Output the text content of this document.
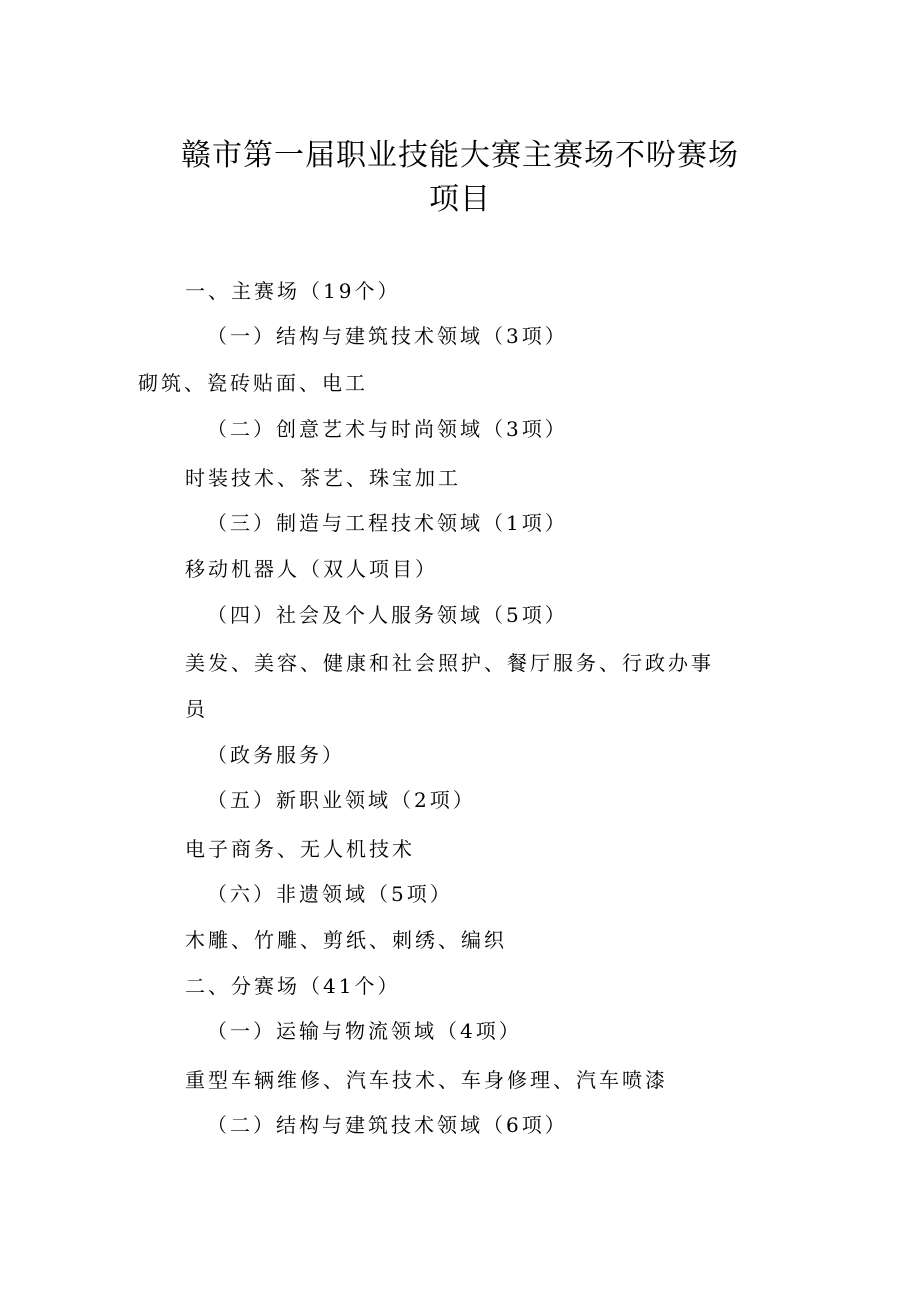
赣市第一届职业技能大赛主赛场不吩赛场
项目
一、主赛场（19个）
（一）结构与建筑技术领域（3项）
砌筑、瓷砖贴面、电工
（二）创意艺术与时尚领域（3项）
时装技术、茶艺、珠宝加工
（三）制造与工程技术领域（1项）
移动机器人（双人项目）
（四）社会及个人服务领域（5项）
美发、美容、健康和社会照护、餐厅服务、行政办事
员
（政务服务）
（五）新职业领域（2项）
电子商务、无人机技术
（六）非遗领域（5项）
木雕、竹雕、剪纸、刺绣、编织
二、分赛场（41个）
（一）运输与物流领域（4项）
重型车辆维修、汽车技术、车身修理、汽车喷漆
（二）结构与建筑技术领域（6项）
